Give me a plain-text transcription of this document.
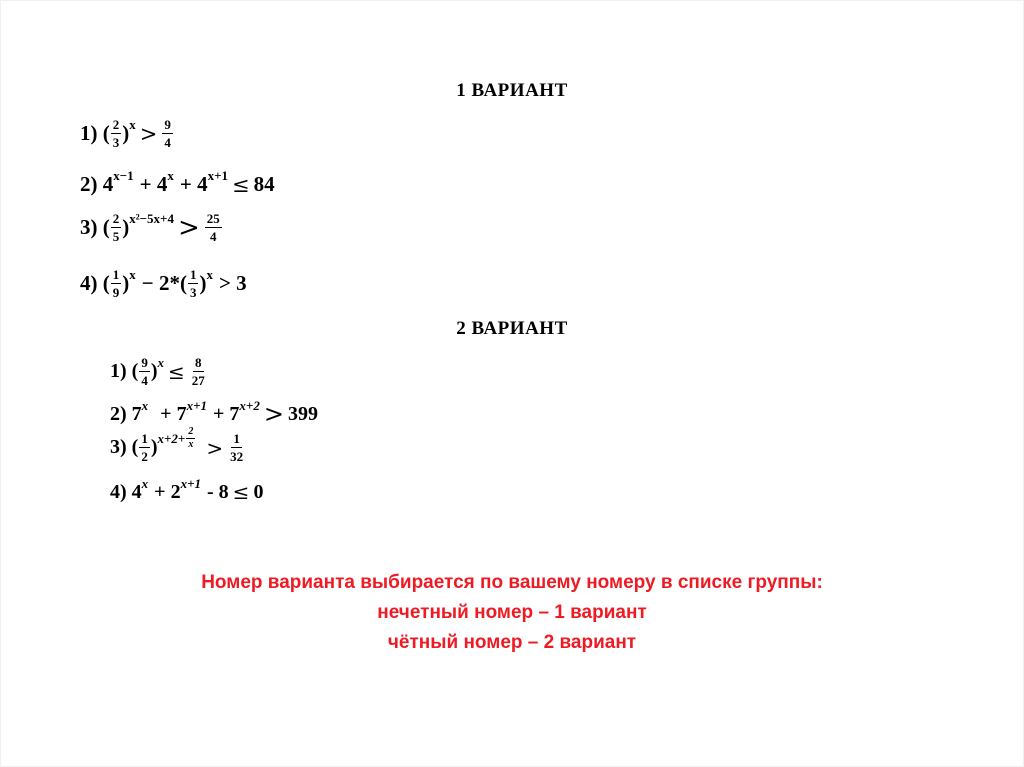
1 ВАРИАНТ
1) ( $\frac{2}{3} )^x > \frac{9}{4}$
2) $4^{x-1} + 4^x + 4^{x+1} \le 84$
3) ( $\frac{2}{5} )^{x^2-5x+4} > \frac{25}{4}$
4) ( $\frac{1}{9} )^x - 2*( \frac{1}{3} )^x > 3$
2 ВАРИАНТ
1) ( $\frac{9}{4} )^x \le \frac{8}{27}$
2) $7^x + 7^{x+1} + 7^{x+2} > 399$
3) ( $\frac{1}{2}$ ) $^{x+2+ \frac{2}{x}} > \frac{1}{32}$
4) $4^x + 2^{x+1} - 8 \le 0$
Номер варианта выбирается по вашему номеру в списке группы:
нечетный номер – 1 вариант
чётный номер – 2 вариант
